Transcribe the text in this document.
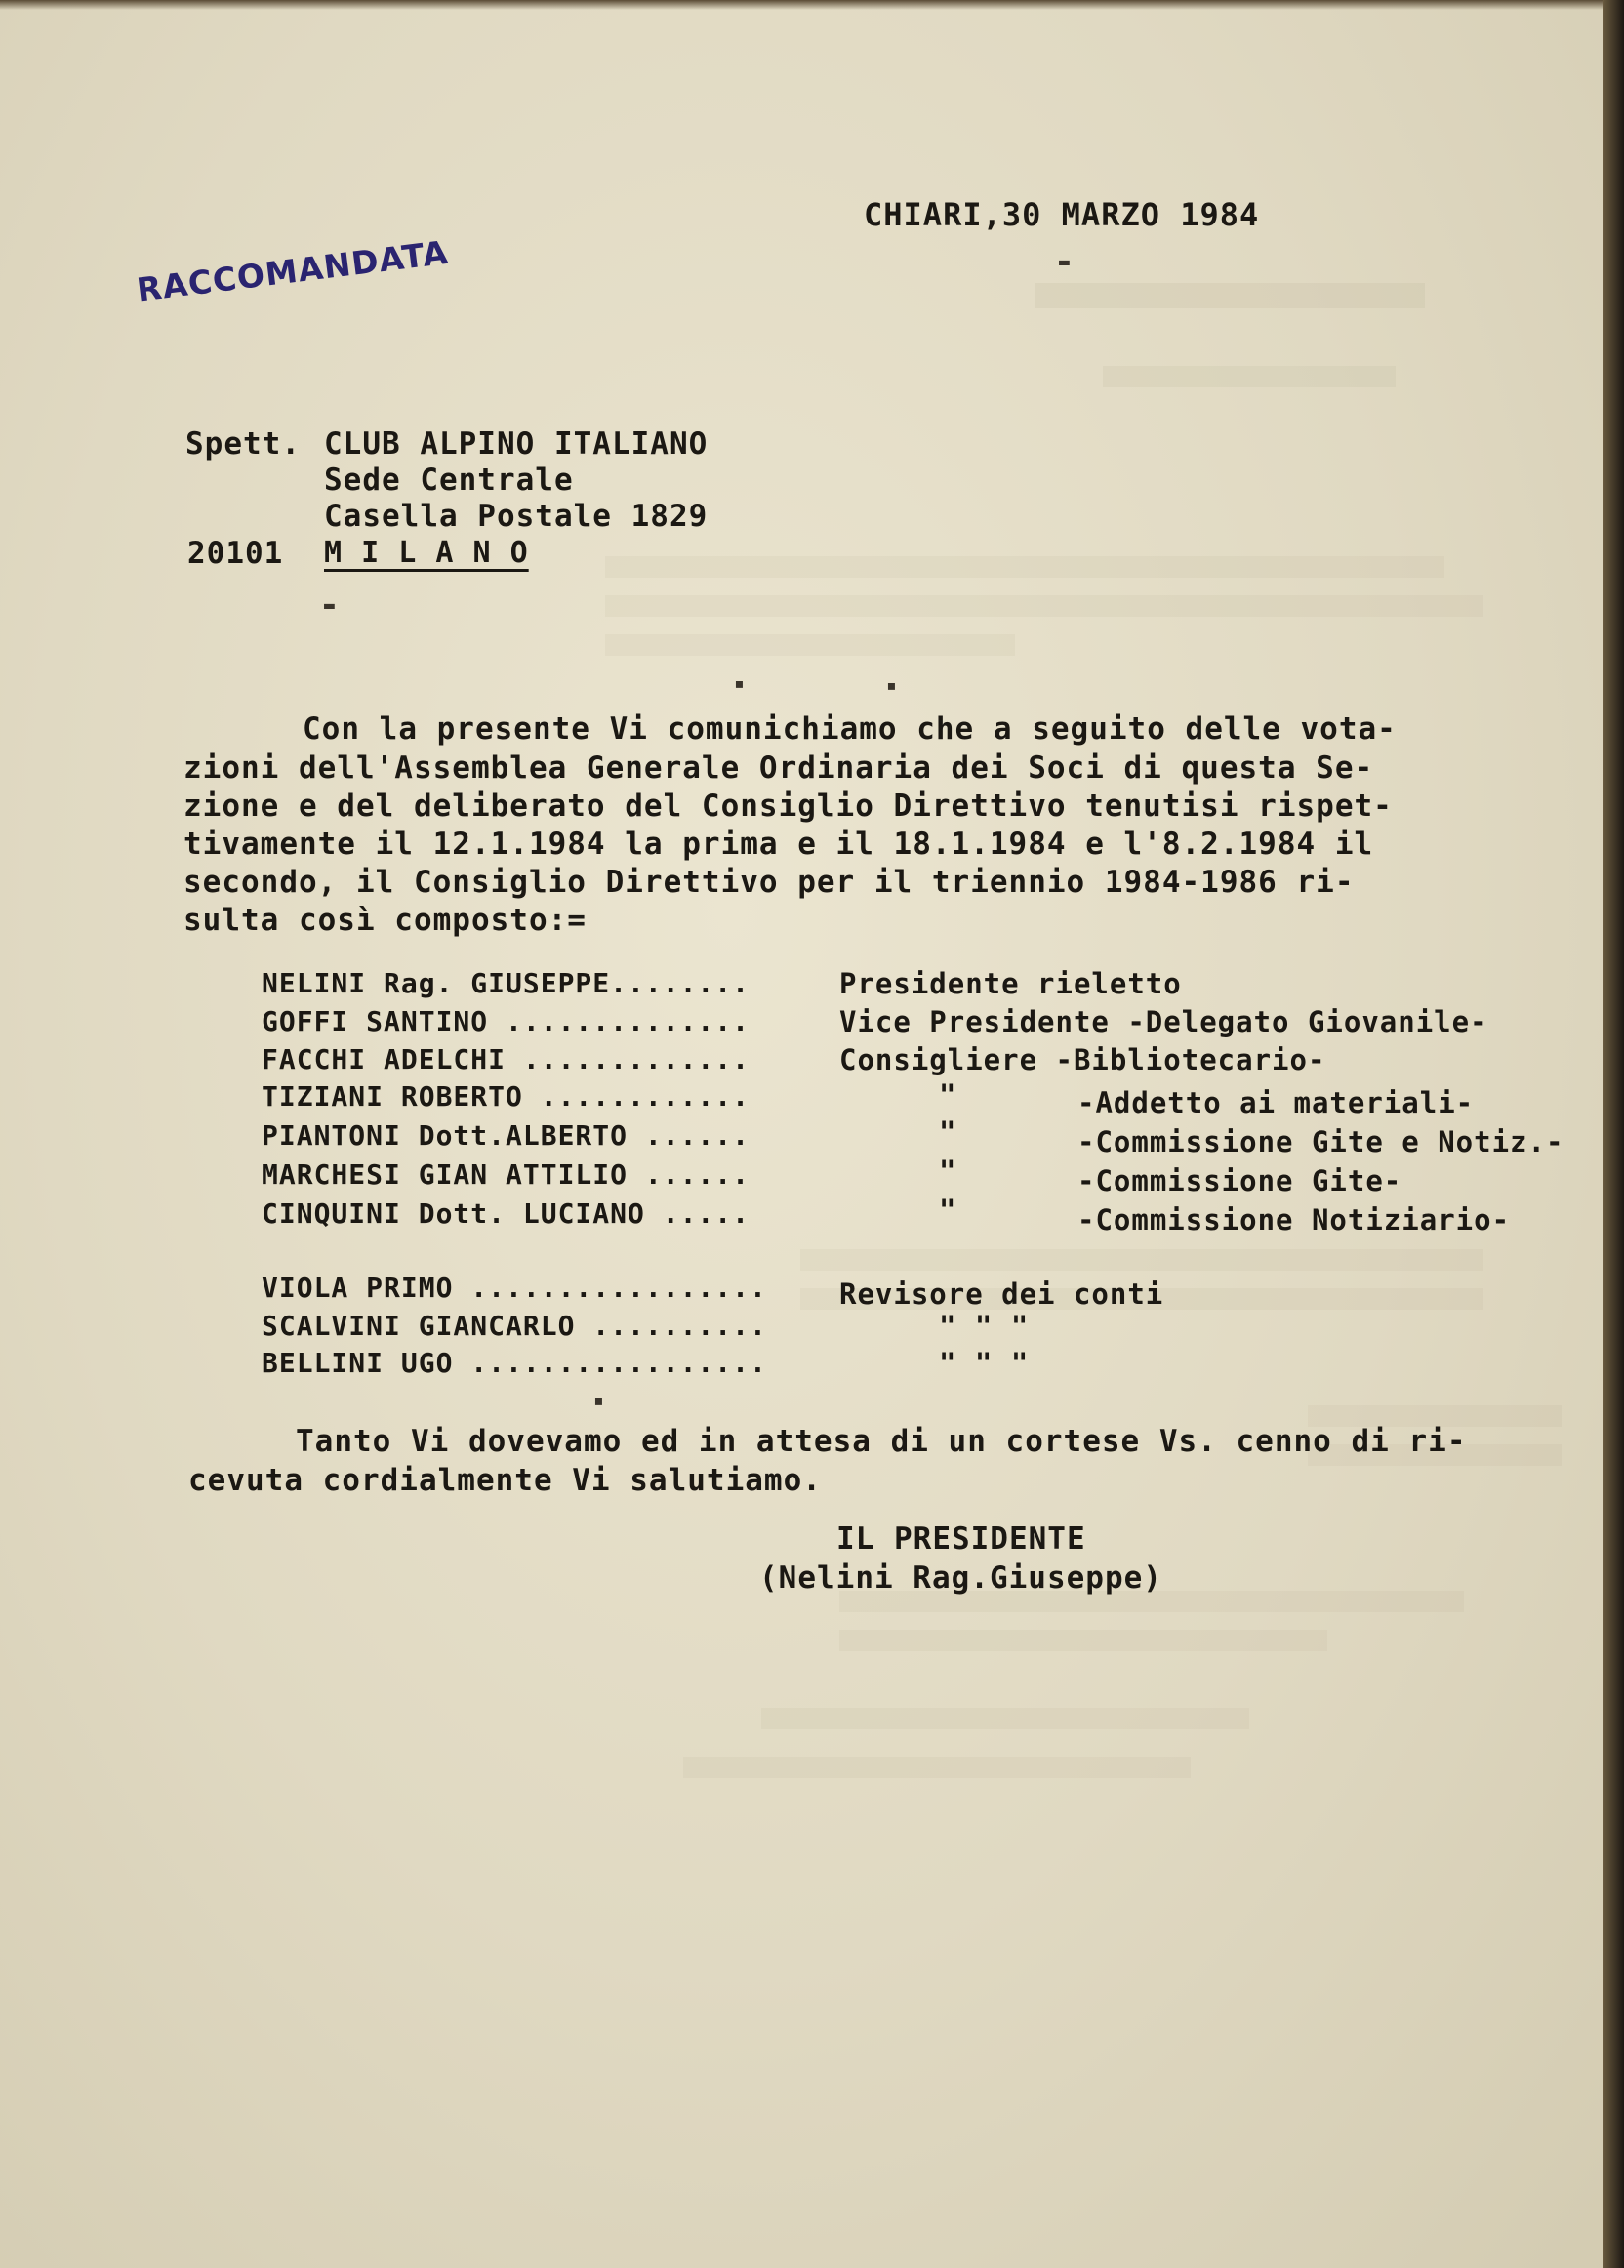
▬
▬
▪	▪
▪
RACCOMANDATA
CHIARI,30 MARZO 1984
Spett. CLUB ALPINO ITALIANO
Sede Centrale
Casella Postale 1829
20101 M I L A N O
Con la presente Vi comunichiamo che a seguito delle vota-
zioni dell'Assemblea Generale Ordinaria dei Soci di questa Se-
zione e del deliberato del Consiglio Direttivo tenutisi rispet-
tivamente il 12.1.1984 la prima e il 18.1.1984 e l'8.2.1984 il
secondo, il Consiglio Direttivo per il triennio 1984-1986 ri-
sulta così composto:=
NELINI Rag. GIUSEPPE........	Presidente rieletto
GOFFI SANTINO ..............	Vice Presidente -Delegato Giovanile-
FACCHI ADELCHI .............	Consigliere -Bibliotecario-
TIZIANI ROBERTO ............	"	-Addetto ai materiali-
PIANTONI Dott.ALBERTO ......	"	-Commissione Gite e Notiz.-
MARCHESI GIAN ATTILIO ......	"	-Commissione Gite-
CINQUINI Dott. LUCIANO .....	"	-Commissione Notiziario-
VIOLA PRIMO .................	Revisore dei conti
SCALVINI GIANCARLO ..........	" " "
BELLINI UGO .................	" " "
Tanto Vi dovevamo ed in attesa di un cortese Vs. cenno di ri-
cevuta cordialmente Vi salutiamo.
IL PRESIDENTE
(Nelini Rag.Giuseppe)
